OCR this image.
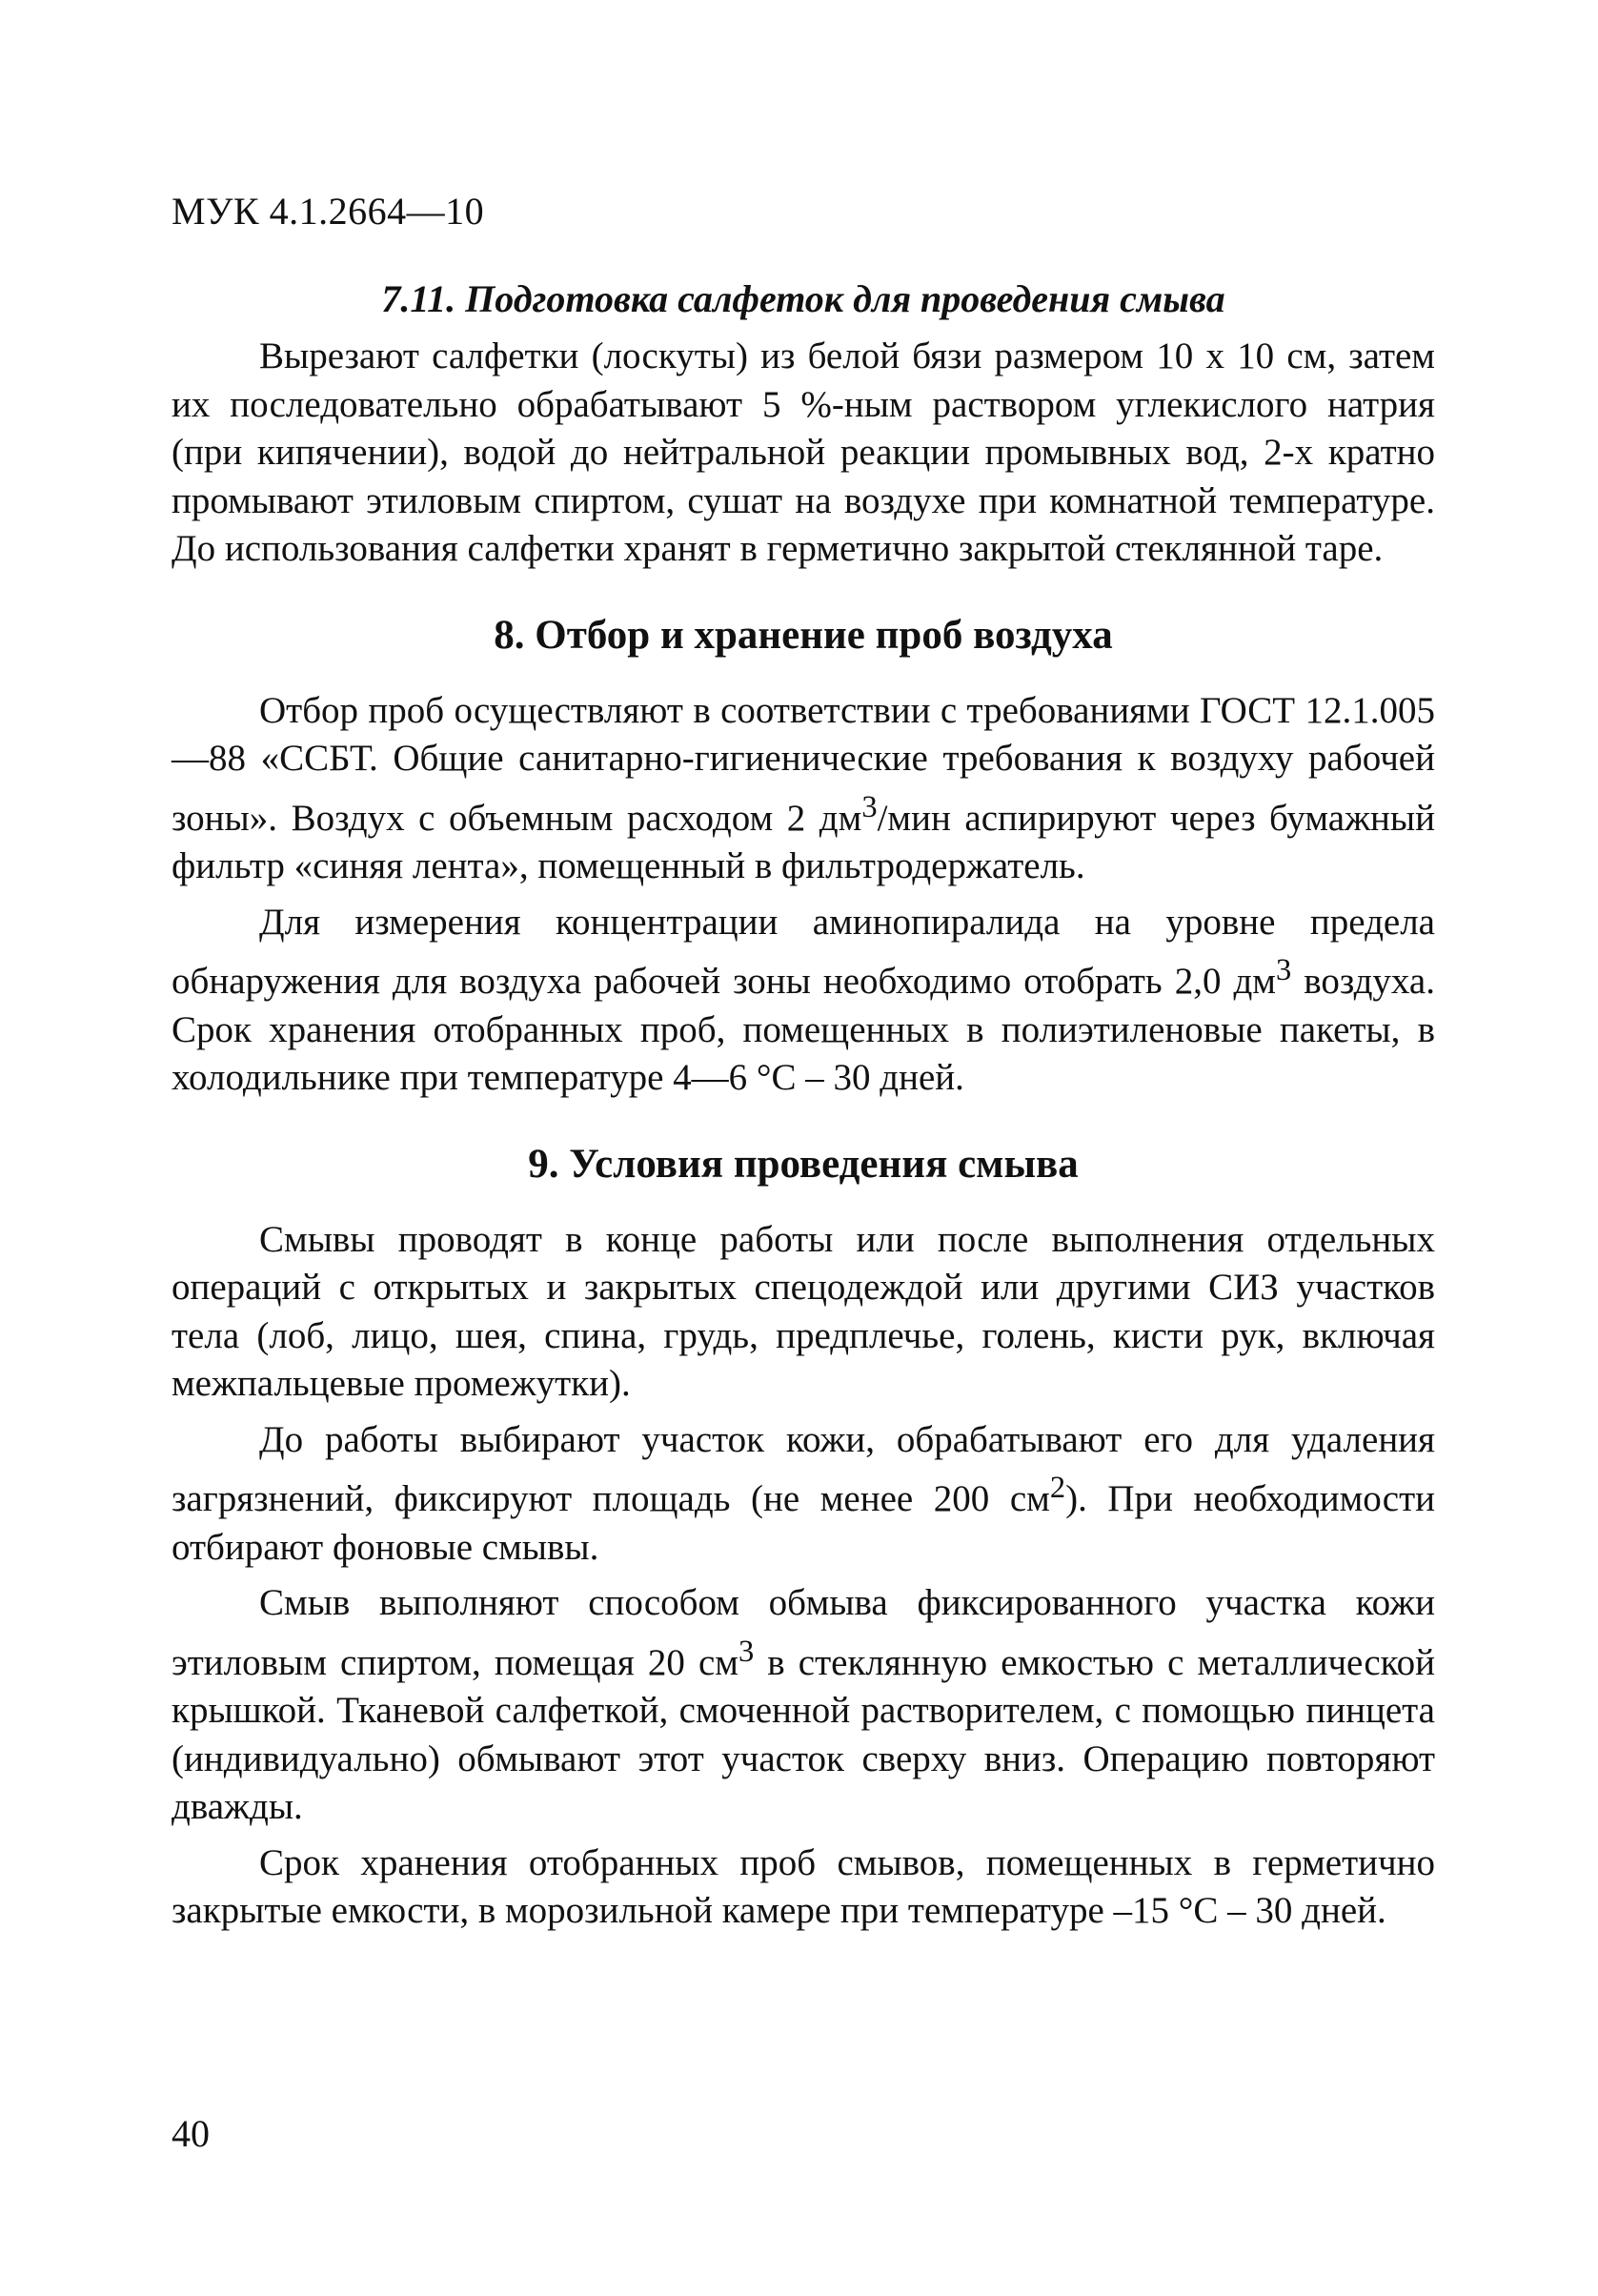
МУК 4.1.2664—10
7.11. Подготовка салфеток для проведения смыва

Вырезают салфетки (лоскуты) из белой бязи размером 10 x 10 см, затем их последовательно обрабатывают 5 %-ным раствором углекислого натрия (при кипячении), водой до нейтральной реакции промывных вод, 2-х кратно промывают этиловым спиртом, сушат на воздухе при комнатной температуре. До использования салфетки хранят в герметично закрытой стеклянной таре.

8. Отбор и хранение проб воздуха

Отбор проб осуществляют в соответствии с требованиями ГОСТ 12.1.005—88 «ССБТ. Общие санитарно-гигиенические требования к воздуху рабочей зоны». Воздух с объемным расходом 2 $дм^3$/мин аспирируют через бумажный фильтр «синяя лента», помещенный в фильтродержатель.

Для измерения концентрации аминопиралида на уровне предела обнаружения для воздуха рабочей зоны необходимо отобрать 2,0 $дм^3$ воздуха. Срок хранения отобранных проб, помещенных в полиэтиленовые пакеты, в холодильнике при температуре 4—6 °С – 30 дней.

9. Условия проведения смыва

Смывы проводят в конце работы или после выполнения отдельных операций с открытых и закрытых спецодеждой или другими СИЗ участков тела (лоб, лицо, шея, спина, грудь, предплечье, голень, кисти рук, включая межпальцевые промежутки).

До работы выбирают участок кожи, обрабатывают его для удаления загрязнений, фиксируют площадь (не менее 200 $см^2$). При необходимости отбирают фоновые смывы.

Смыв выполняют способом обмыва фиксированного участка кожи этиловым спиртом, помещая 20 $см^3$ в стеклянную емкостью с металлической крышкой. Тканевой салфеткой, смоченной растворителем, с помощью пинцета (индивидуально) обмывают этот участок сверху вниз. Операцию повторяют дважды.

Срок хранения отобранных проб смывов, помещенных в герметично закрытые емкости, в морозильной камере при температуре –15 °С – 30 дней.

40
